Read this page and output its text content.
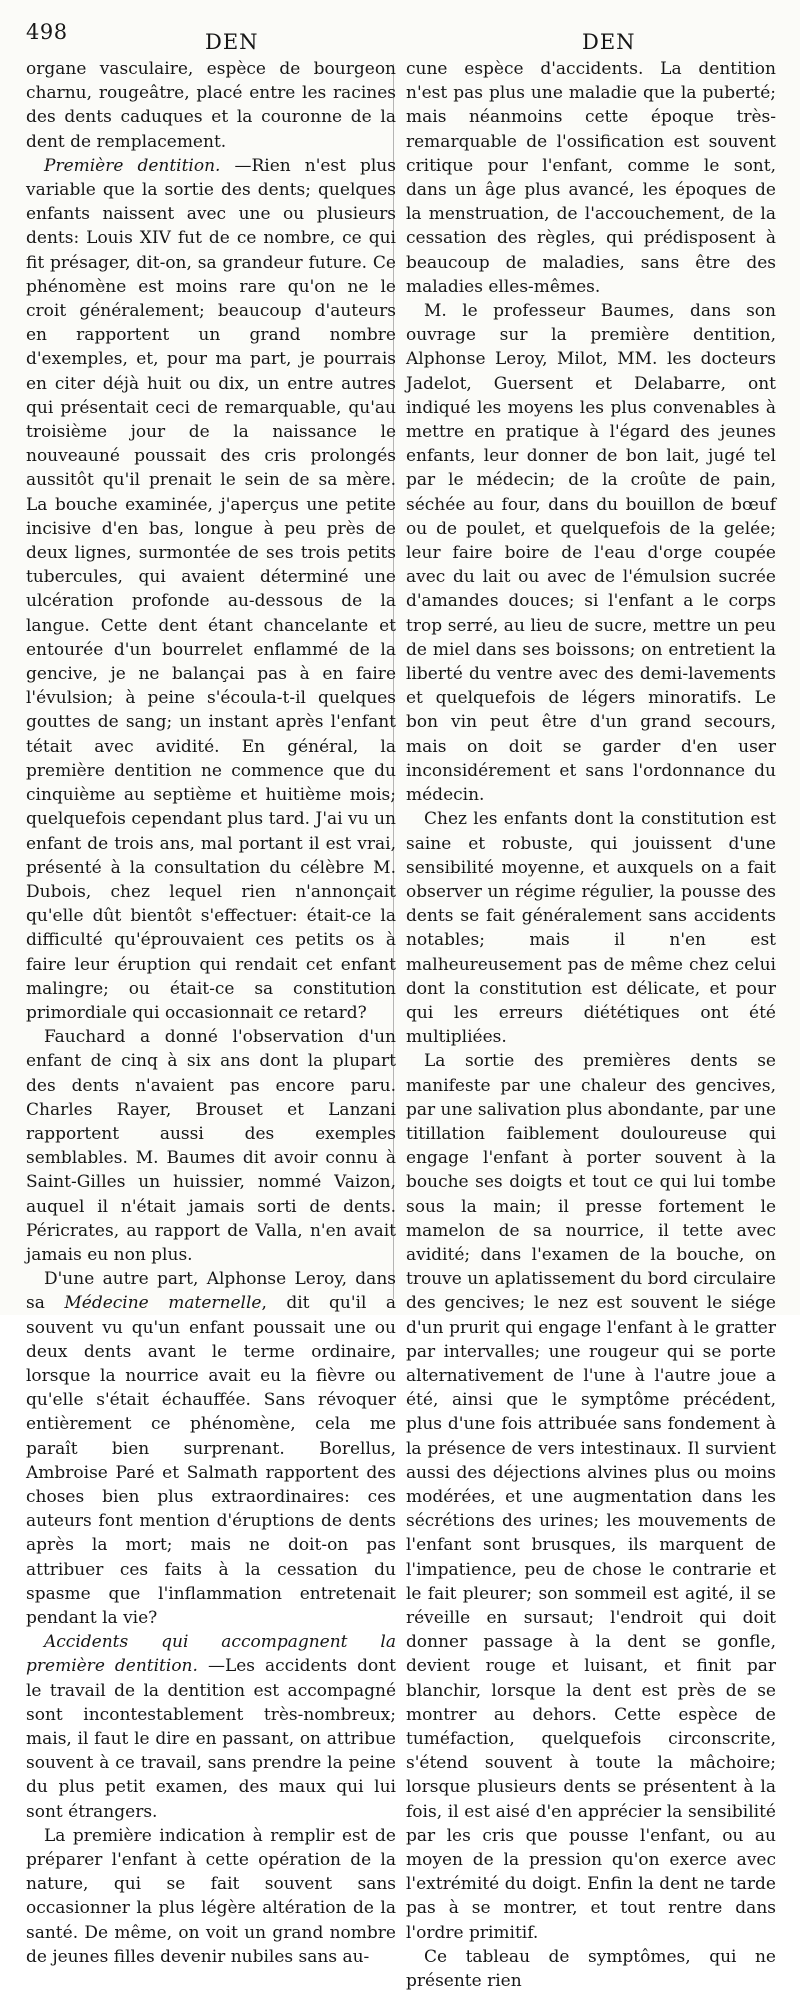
498	DEN	DEN

organe vasculaire, espèce de bourgeon charnu, rougeâtre, placé entre les racines des dents caduques et la couronne de la dent de remplacement.

Première dentition. —Rien n'est plus variable que la sortie des dents; quelques enfants naissent avec une ou plusieurs dents: Louis XIV fut de ce nombre, ce qui fit présager, dit-on, sa grandeur future. Ce phénomène est moins rare qu'on ne le croit généralement; beaucoup d'auteurs en rapportent un grand nombre d'exemples, et, pour ma part, je pourrais en citer déjà huit ou dix, un entre autres qui présentait ceci de remarquable, qu'au troisième jour de la naissance le nouveauné poussait des cris prolongés aussitôt qu'il prenait le sein de sa mère. La bouche examinée, j'aperçus une petite incisive d'en bas, longue à peu près de deux lignes, surmontée de ses trois petits tubercules, qui avaient déterminé une ulcération profonde au-dessous de la langue. Cette dent étant chancelante et entourée d'un bourrelet enflammé de la gencive, je ne balançai pas à en faire l'évulsion; à peine s'écoula-t-il quelques gouttes de sang; un instant après l'enfant tétait avec avidité. En général, la première dentition ne commence que du cinquième au septième et huitième mois; quelquefois cependant plus tard. J'ai vu un enfant de trois ans, mal portant il est vrai, présenté à la consultation du célèbre M. Dubois, chez lequel rien n'annonçait qu'elle dût bientôt s'effectuer: était-ce la difficulté qu'éprouvaient ces petits os à faire leur éruption qui rendait cet enfant malingre; ou était-ce sa constitution primordiale qui occasionnait ce retard?

Fauchard a donné l'observation d'un enfant de cinq à six ans dont la plupart des dents n'avaient pas encore paru. Charles Rayer, Brouset et Lanzani rapportent aussi des exemples semblables. M. Baumes dit avoir connu à Saint-Gilles un huissier, nommé Vaizon, auquel il n'était jamais sorti de dents. Péricrates, au rapport de Valla, n'en avait jamais eu non plus.

D'une autre part, Alphonse Leroy, dans sa Médecine maternelle, dit qu'il a souvent vu qu'un enfant poussait une ou deux dents avant le terme ordinaire, lorsque la nourrice avait eu la fièvre ou qu'elle s'était échauffée. Sans révoquer entièrement ce phénomène, cela me paraît bien surprenant. Borellus, Ambroise Paré et Salmath rapportent des choses bien plus extraordinaires: ces auteurs font mention d'éruptions de dents après la mort; mais ne doit-on pas attribuer ces faits à la cessation du spasme que l'inflammation entretenait pendant la vie?

Accidents qui accompagnent la première dentition. —Les accidents dont le travail de la dentition est accompagné sont incontestablement très-nombreux; mais, il faut le dire en passant, on attribue souvent à ce travail, sans prendre la peine du plus petit examen, des maux qui lui sont étrangers.

La première indication à remplir est de préparer l'enfant à cette opération de la nature, qui se fait souvent sans occasionner la plus légère altération de la santé. De même, on voit un grand nombre de jeunes filles devenir nubiles sans au-

cune espèce d'accidents. La dentition n'est pas plus une maladie que la puberté; mais néanmoins cette époque très-remarquable de l'ossification est souvent critique pour l'enfant, comme le sont, dans un âge plus avancé, les époques de la menstruation, de l'accouchement, de la cessation des règles, qui prédisposent à beaucoup de maladies, sans être des maladies elles-mêmes.

M. le professeur Baumes, dans son ouvrage sur la première dentition, Alphonse Leroy, Milot, MM. les docteurs Jadelot, Guersent et Delabarre, ont indiqué les moyens les plus convenables à mettre en pratique à l'égard des jeunes enfants, leur donner de bon lait, jugé tel par le médecin; de la croûte de pain, séchée au four, dans du bouillon de bœuf ou de poulet, et quelquefois de la gelée; leur faire boire de l'eau d'orge coupée avec du lait ou avec de l'émulsion sucrée d'amandes douces; si l'enfant a le corps trop serré, au lieu de sucre, mettre un peu de miel dans ses boissons; on entretient la liberté du ventre avec des demi-lavements et quelquefois de légers minoratifs. Le bon vin peut être d'un grand secours, mais on doit se garder d'en user inconsidérement et sans l'ordonnance du médecin.

Chez les enfants dont la constitution est saine et robuste, qui jouissent d'une sensibilité moyenne, et auxquels on a fait observer un régime régulier, la pousse des dents se fait généralement sans accidents notables; mais il n'en est malheureusement pas de même chez celui dont la constitution est délicate, et pour qui les erreurs diététiques ont été multipliées.

La sortie des premières dents se manifeste par une chaleur des gencives, par une salivation plus abondante, par une titillation faiblement douloureuse qui engage l'enfant à porter souvent à la bouche ses doigts et tout ce qui lui tombe sous la main; il presse fortement le mamelon de sa nourrice, il tette avec avidité; dans l'examen de la bouche, on trouve un aplatissement du bord circulaire des gencives; le nez est souvent le siége d'un prurit qui engage l'enfant à le gratter par intervalles; une rougeur qui se porte alternativement de l'une à l'autre joue a été, ainsi que le symptôme précédent, plus d'une fois attribuée sans fondement à la présence de vers intestinaux. Il survient aussi des déjections alvines plus ou moins modérées, et une augmentation dans les sécrétions des urines; les mouvements de l'enfant sont brusques, ils marquent de l'impatience, peu de chose le contrarie et le fait pleurer; son sommeil est agité, il se réveille en sursaut; l'endroit qui doit donner passage à la dent se gonfle, devient rouge et luisant, et finit par blanchir, lorsque la dent est près de se montrer au dehors. Cette espèce de tuméfaction, quelquefois circonscrite, s'étend souvent à toute la mâchoire; lorsque plusieurs dents se présentent à la fois, il est aisé d'en apprécier la sensibilité par les cris que pousse l'enfant, ou au moyen de la pression qu'on exerce avec l'extrémité du doigt. Enfin la dent ne tarde pas à se montrer, et tout rentre dans l'ordre primitif.

Ce tableau de symptômes, qui ne présente rien
